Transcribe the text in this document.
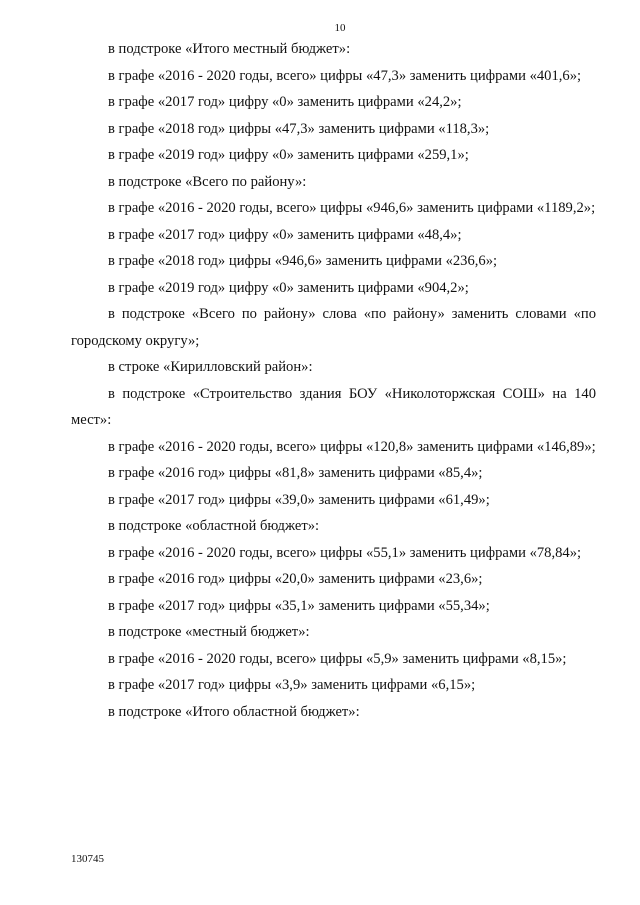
10

в подстроке «Итого местный бюджет»:

в графе «2016 - 2020 годы, всего» цифры «47,3» заменить цифрами «401,6»;

в графе «2017 год» цифру «0» заменить цифрами «24,2»;

в графе «2018 год» цифры «47,3» заменить цифрами «118,3»;

в графе «2019 год» цифру «0» заменить цифрами «259,1»;

в подстроке «Всего по району»:

в графе «2016 - 2020 годы, всего» цифры «946,6» заменить цифрами «1189,2»;

в графе «2017 год» цифру «0» заменить цифрами «48,4»;

в графе «2018 год» цифры «946,6» заменить цифрами «236,6»;

в графе «2019 год» цифру «0» заменить цифрами «904,2»;

в подстроке «Всего по району» слова «по району» заменить словами «по городскому округу»;

в строке «Кирилловский район»:

в подстроке «Строительство здания БОУ «Николоторжская СОШ» на 140 мест»:

в графе «2016 - 2020 годы, всего» цифры «120,8» заменить цифрами «146,89»;

в графе «2016 год» цифры «81,8» заменить цифрами «85,4»;

в графе «2017 год» цифры «39,0» заменить цифрами «61,49»;

в подстроке «областной бюджет»:

в графе «2016 - 2020 годы, всего» цифры «55,1» заменить цифрами «78,84»;

в графе «2016 год» цифры «20,0» заменить цифрами «23,6»;

в графе «2017 год» цифры «35,1» заменить цифрами «55,34»;

в подстроке «местный бюджет»:

в графе «2016 - 2020 годы, всего» цифры «5,9» заменить цифрами «8,15»;

в графе «2017 год» цифры «3,9» заменить цифрами «6,15»;

в подстроке «Итого областной бюджет»:

130745
